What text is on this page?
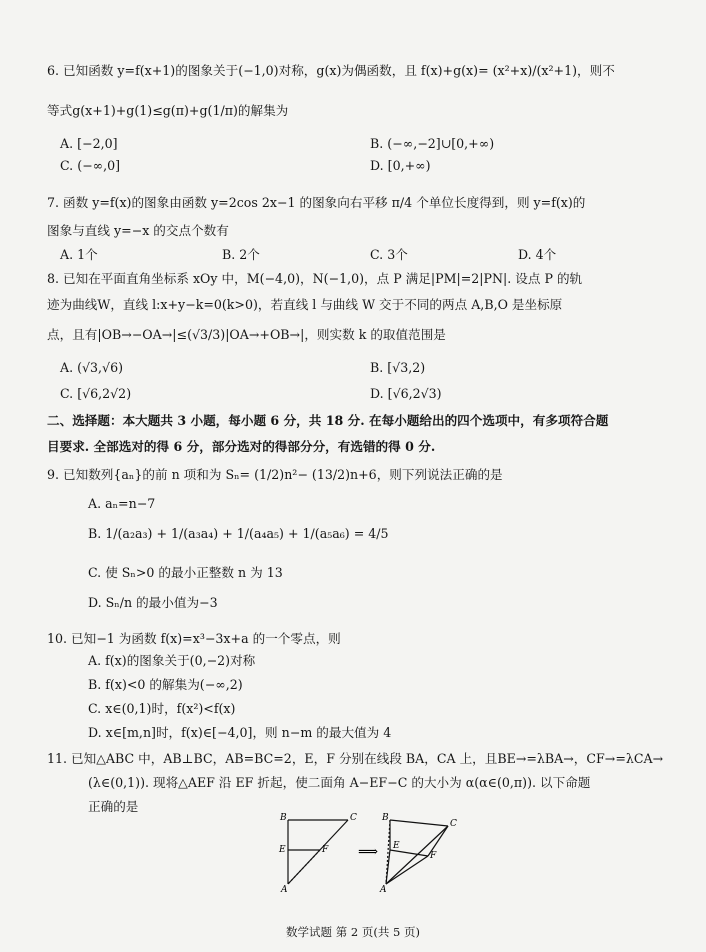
6. 已知函数 y=f(x+1)的图象关于(−1,0)对称，g(x)为偶函数，且 f(x)+g(x)= (x²+x)/(x²+1)，则不
等式g(x+1)+g(1)≤g(π)+g(1/π)的解集为
A. [−2,0]	B. (−∞,−2]∪[0,+∞)
C. (−∞,0]	D. [0,+∞)
7. 函数 y=f(x)的图象由函数 y=2cos 2x−1 的图象向右平移 π/4 个单位长度得到，则 y=f(x)的
图象与直线 y=−x 的交点个数有
A. 1个	B. 2个	C. 3个	D. 4个
8. 已知在平面直角坐标系 xOy 中，M(−4,0)，N(−1,0)，点 P 满足|PM|=2|PN|. 设点 P 的轨
迹为曲线W，直线 l:x+y−k=0(k>0)，若直线 l 与曲线 W 交于不同的两点 A,B,O 是坐标原
点，且有|OB→−OA→|≤(√3/3)|OA→+OB→|，则实数 k 的取值范围是
A. (√3,√6)	B. [√3,2)
C. [√6,2√2)	D. [√6,2√3)
二、选择题：本大题共 3 小题，每小题 6 分，共 18 分. 在每小题给出的四个选项中，有多项符合题
目要求. 全部选对的得 6 分，部分选对的得部分分，有选错的得 0 分.
9. 已知数列{aₙ}的前 n 项和为 Sₙ= (1/2)n²− (13/2)n+6，则下列说法正确的是
A. aₙ=n−7
B. 1/(a₂a₃) + 1/(a₃a₄) + 1/(a₄a₅) + 1/(a₅a₆) = 4/5
C. 使 Sₙ>0 的最小正整数 n 为 13
D. Sₙ/n 的最小值为−3
10. 已知−1 为函数 f(x)=x³−3x+a 的一个零点，则
A. f(x)的图象关于(0,−2)对称
B. f(x)<0 的解集为(−∞,2)
C. x∈(0,1)时，f(x²)<f(x)
D. x∈[m,n]时，f(x)∈[−4,0]，则 n−m 的最大值为 4
11. 已知△ABC 中，AB⊥BC，AB=BC=2，E，F 分别在线段 BA，CA 上，且BE→=λBA→，CF→=λCA→
(λ∈(0,1)). 现将△AEF 沿 EF 折起，使二面角 A−EF−C 的大小为 α(α∈(0,π)). 以下命题
正确的是
B	C
E	F
A
⟹
B
C
E
F
A
数学试题 第 2 页(共 5 页)
